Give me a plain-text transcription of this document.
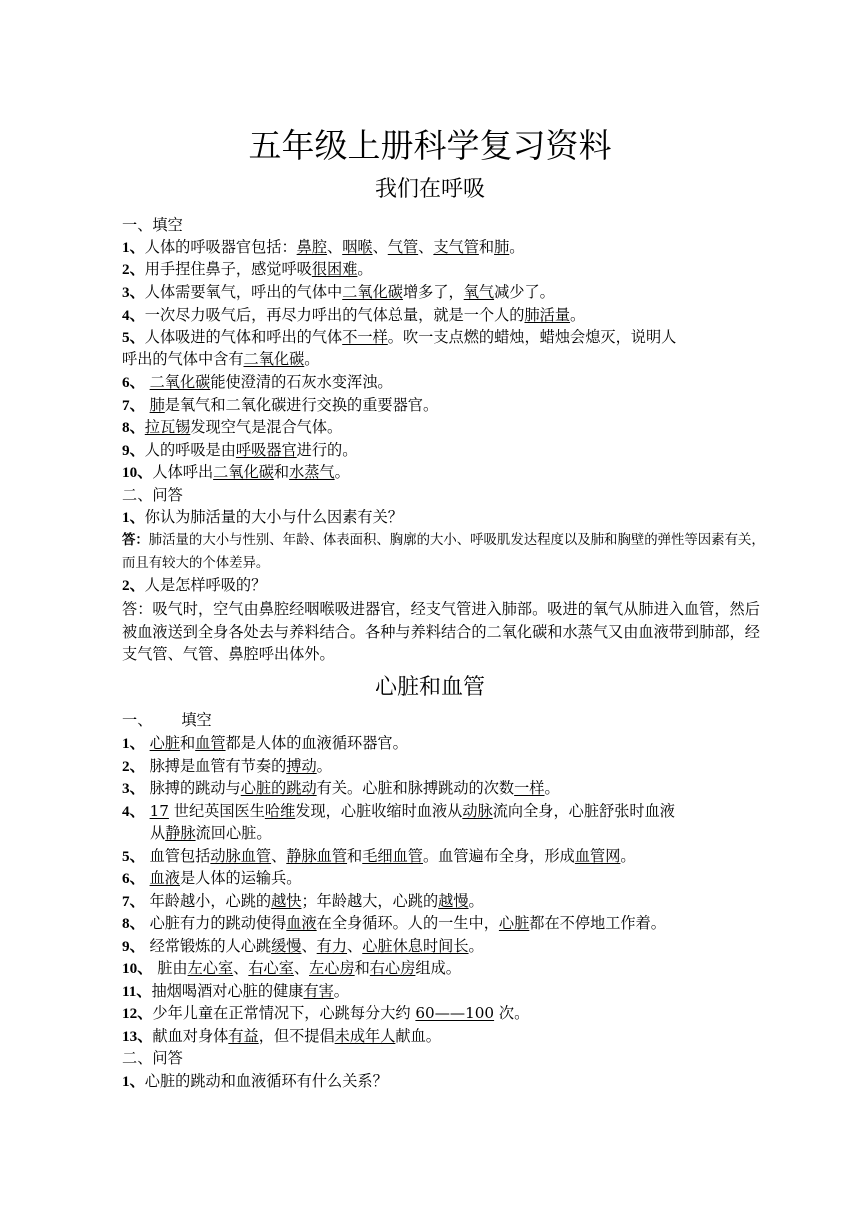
五年级上册科学复习资料
我们在呼吸
一、填空
1、人体的呼吸器官包括：鼻腔、咽喉、气管、支气管和肺。
2、用手捏住鼻子，感觉呼吸很困难。
3、人体需要氧气，呼出的气体中二氧化碳增多了，氧气减少了。
4、一次尽力吸气后，再尽力呼出的气体总量，就是一个人的肺活量。
5、人体吸进的气体和呼出的气体不一样。吹一支点燃的蜡烛，蜡烛会熄灭，说明人
呼出的气体中含有二氧化碳。
6、 二氧化碳能使澄清的石灰水变浑浊。
7、 肺是氧气和二氧化碳进行交换的重要器官。
8、拉瓦锡发现空气是混合气体。
9、人的呼吸是由呼吸器官进行的。
10、人体呼出二氧化碳和水蒸气。
二、问答
1、你认为肺活量的大小与什么因素有关？
答：肺活量的大小与性别、年龄、体表面积、胸廓的大小、呼吸肌发达程度以及肺和胸壁的弹性等因素有关，而且有较大的个体差异。
2、人是怎样呼吸的？
答：吸气时，空气由鼻腔经咽喉吸进器官，经支气管进入肺部。吸进的氧气从肺进入血管，然后被血液送到全身各处去与养料结合。各种与养料结合的二氧化碳和水蒸气又由血液带到肺部，经支气管、气管、鼻腔呼出体外。
心脏和血管
一、      填空
1、 心脏和血管都是人体的血液循环器官。
2、 脉搏是血管有节奏的搏动。
3、 脉搏的跳动与心脏的跳动有关。心脏和脉搏跳动的次数一样。
4、 17 世纪英国医生哈维发现，心脏收缩时血液从动脉流向全身，心脏舒张时血液
从静脉流回心脏。
5、 血管包括动脉血管、静脉血管和毛细血管。血管遍布全身，形成血管网。
6、 血液是人体的运输兵。
7、 年龄越小，心跳的越快；年龄越大，心跳的越慢。
8、 心脏有力的跳动使得血液在全身循环。人的一生中，心脏都在不停地工作着。
9、 经常锻炼的人心跳缓慢、有力、心脏休息时间长。
10、 脏由左心室、右心室、左心房和右心房组成。
11、抽烟喝酒对心脏的健康有害。
12、少年儿童在正常情况下，心跳每分大约 60——100 次。
13、献血对身体有益，但不提倡未成年人献血。
二、问答
1、心脏的跳动和血液循环有什么关系？
